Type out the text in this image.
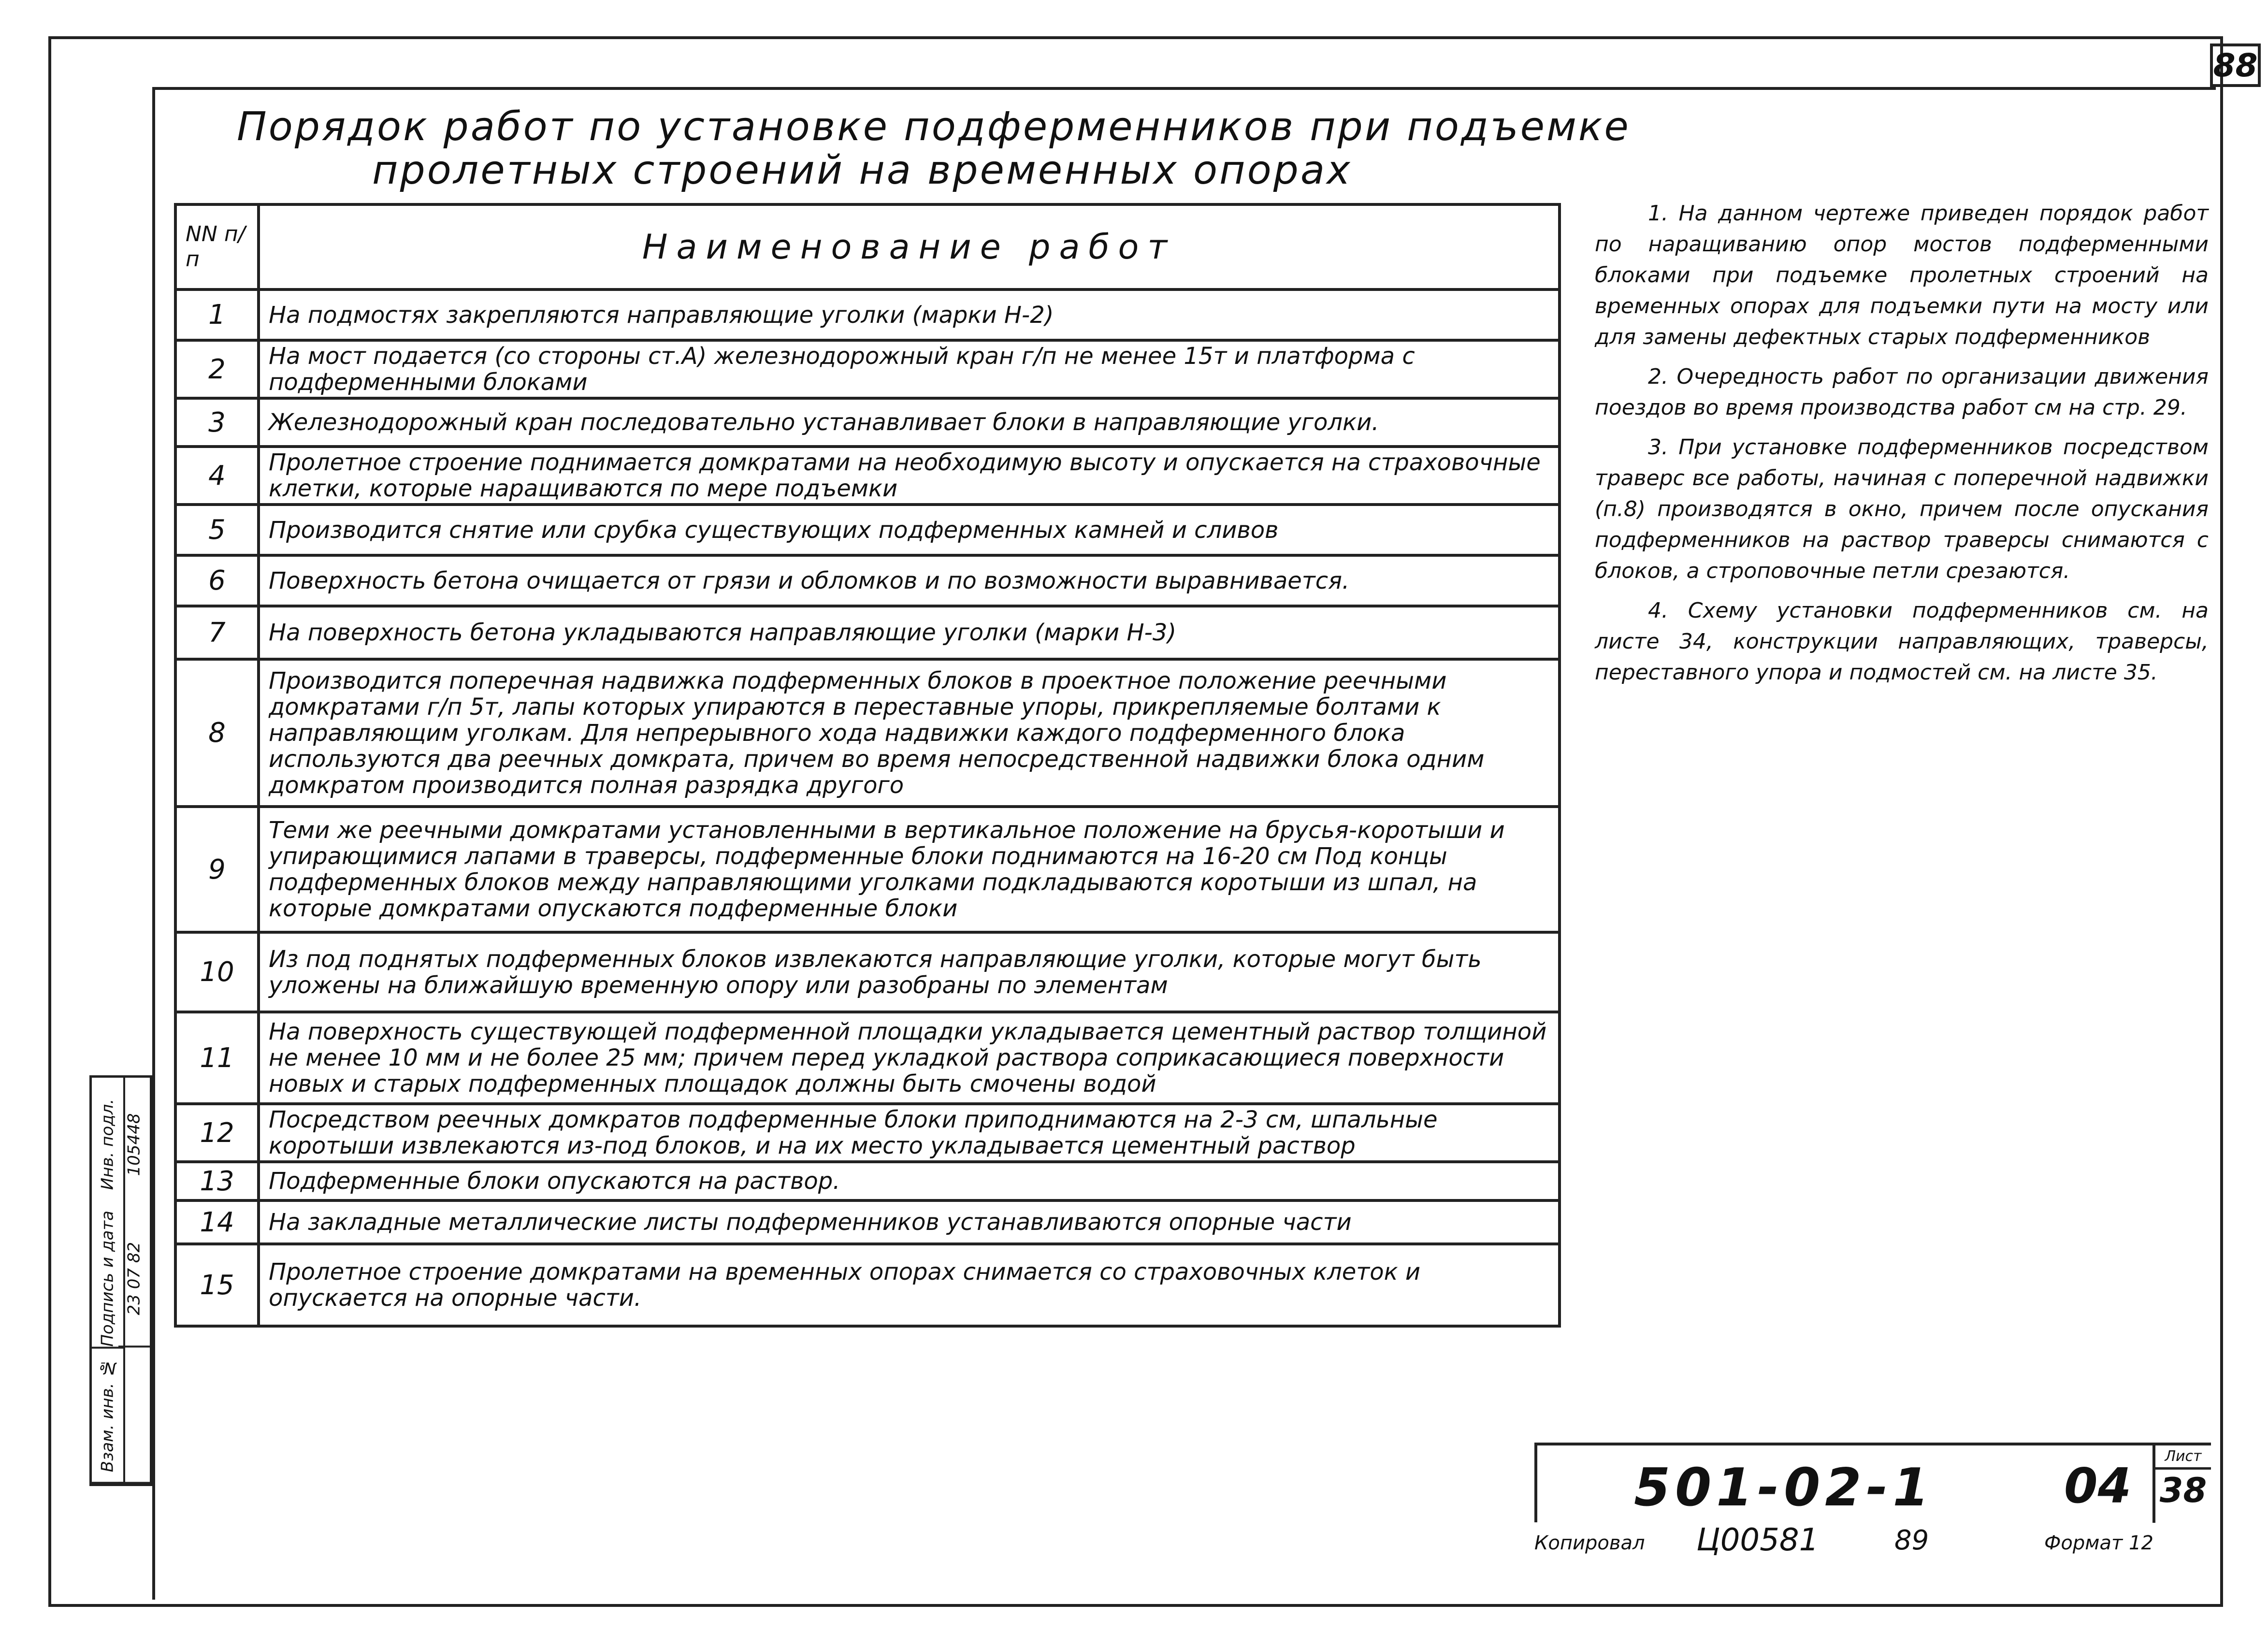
88
Порядок работ по установке подферменников при подъемке
пролетных строений на временных опорах
NN п/п	Наименование работ
1	На подмостях закрепляются направляющие уголки (марки Н-2)
2	На мост подается (со стороны ст.А) железнодорожный кран г/п не менее 15т и платформа с подферменными блоками
3	Железнодорожный кран последовательно устанавливает блоки в направляющие уголки.
4	Пролетное строение поднимается домкратами на необходимую высоту и опускается на страховочные клетки, которые наращиваются по мере подъемки
5	Производится снятие или срубка существующих подферменных камней и сливов
6	Поверхность бетона очищается от грязи и обломков и по возможности выравнивается.
7	На поверхность бетона укладываются направляющие уголки (марки Н-3)
8	Производится поперечная надвижка подферменных блоков в проектное положение реечными домкратами г/п 5т, лапы которых упираются в переставные упоры, прикрепляемые болтами к направляющим уголкам. Для непрерывного хода надвижки каждого подферменного блока используются два реечных домкрата, причем во время непосредственной надвижки блока одним домкратом производится полная разрядка другого
9	Теми же реечными домкратами установленными в вертикальное положение на брусья-коротыши и упирающимися лапами в траверсы, подферменные блоки поднимаются на 16-20 см Под концы подферменных блоков между направляющими уголками подкладываются коротыши из шпал, на которые домкратами опускаются подферменные блоки
10	Из под поднятых подферменных блоков извлекаются направляющие уголки, которые могут быть уложены на ближайшую временную опору или разобраны по элементам
11	На поверхность существующей подферменной площадки укладывается цементный раствор толщиной не менее 10 мм и не более 25 мм; причем перед укладкой раствора соприкасающиеся поверхности новых и старых подферменных площадок должны быть смочены водой
12	Посредством реечных домкратов подферменные блоки приподнимаются на 2-3 см, шпальные коротыши извлекаются из-под блоков, и на их место укладывается цементный раствор
13	Подферменные блоки опускаются на раствор.
14	На закладные металлические листы подферменников устанавливаются опорные части
15	Пролетное строение домкратами на временных опорах снимается со страховочных клеток и опускается на опорные части.

1. На данном чертеже приведен порядок работ по наращиванию опор мостов подферменными блоками при подъемке пролетных строений на временных опорах для подъемки пути на мосту или для замены дефектных старых подферменников

2. Очередность работ по организации движения поездов во время производства работ см на стр. 29.

3. При установке подферменников посредством траверс все работы, начиная с поперечной надвижки (п.8) производятся в окно, причем после опускания подферменников на раствор траверсы снимаются с блоков, а строповочные петли срезаются.

4. Схему установки подферменников см. на листе 34, конструкции направляющих, траверсы, переставного упора и подмостей см. на листе 35.

Инв. подл.
Подпись и дата
Взам. инв. №
105448
23 07 82
501-02-1	04
Лист
38
Копировал Ц00581	89	Формат 12
